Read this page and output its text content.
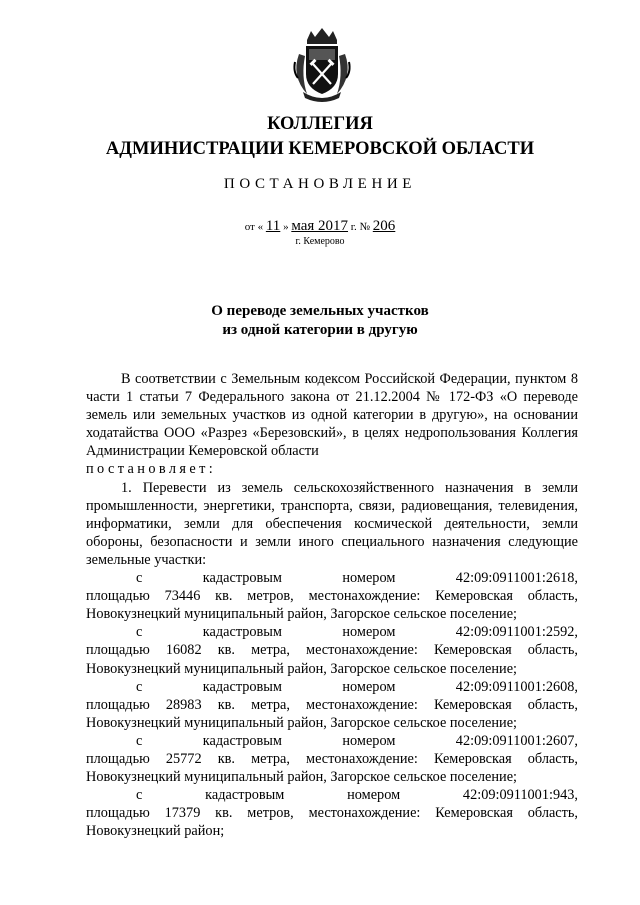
КОЛЛЕГИЯ
АДМИНИСТРАЦИИ КЕМЕРОВСКОЙ ОБЛАСТИ
ПОСТАНОВЛЕНИЕ
от « 11 » мая 2017 г. № 206
г. Кемерово
О переводе земельных участков
из одной категории в другую

В соответствии с Земельным кодексом Российской Федерации, пунктом 8 части 1 статьи 7 Федерального закона от 21.12.2004 № 172-ФЗ «О переводе земель или земельных участков из одной категории в другую», на основании ходатайства ООО «Разрез «Березовский», в целях недропользования Коллегия Администрации Кемеровской области

постановляет:

1. Перевести из земель сельскохозяйственного назначения в земли промышленности, энергетики, транспорта, связи, радиовещания, телевидения, информатики, земли для обеспечения космической деятельности, земли обороны, безопасности и земли иного специального назначения следующие земельные участки:

с	кадастровым	номером	42:09:0911001:2618,
площадью 73446 кв. метров, местонахождение: Кемеровская область, Новокузнецкий муниципальный район, Загорское сельское поселение;
с	кадастровым	номером	42:09:0911001:2592,
площадью 16082 кв. метра, местонахождение: Кемеровская область, Новокузнецкий муниципальный район, Загорское сельское поселение;
с	кадастровым	номером	42:09:0911001:2608,
площадью 28983 кв. метра, местонахождение: Кемеровская область, Новокузнецкий муниципальный район, Загорское сельское поселение;
с	кадастровым	номером	42:09:0911001:2607,
площадью 25772 кв. метра, местонахождение: Кемеровская область, Новокузнецкий муниципальный район, Загорское сельское поселение;
с	кадастровым	номером	42:09:0911001:943,
площадью 17379 кв. метров, местонахождение: Кемеровская область, Новокузнецкий район;
